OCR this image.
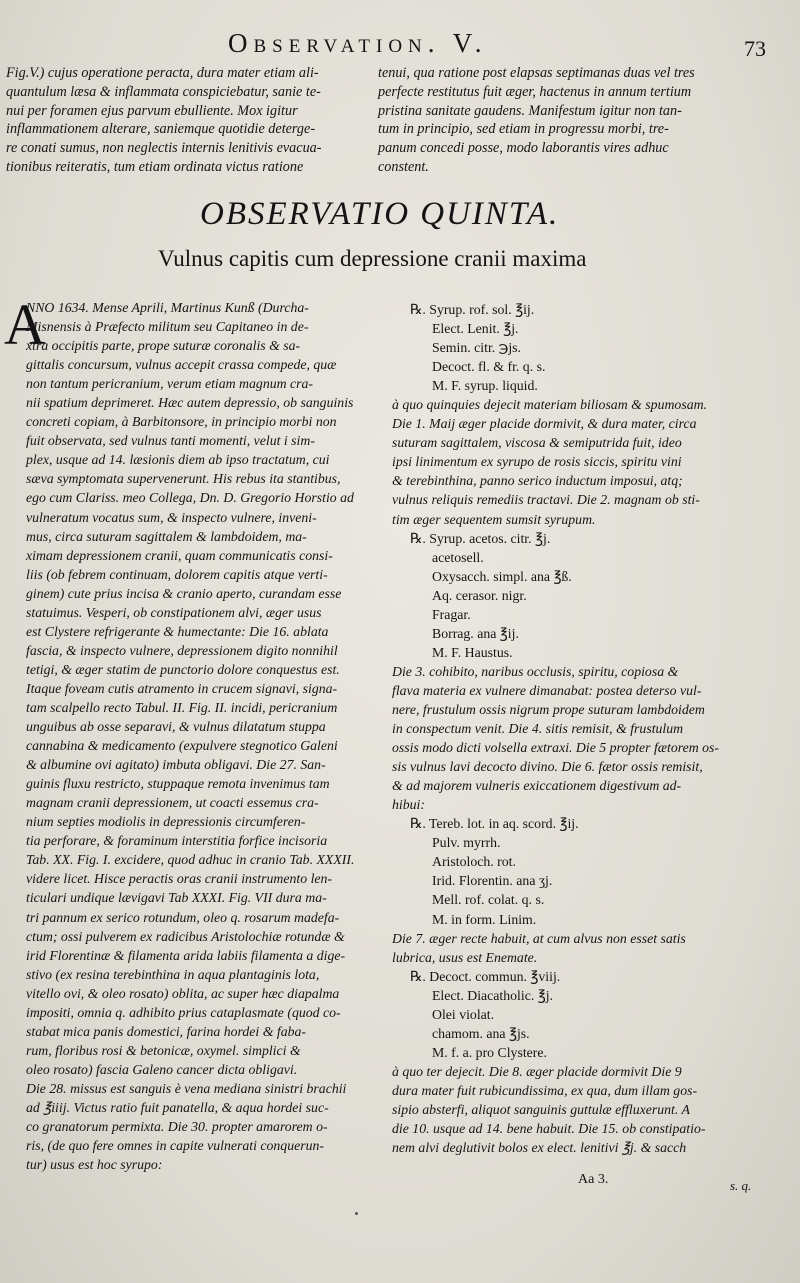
Observation. V.	73
Fig.V.) cujus operatione peracta, dura mater etiam ali-
quantulum læsa & inflammata conspiciebatur, sanie te-
nui per foramen ejus parvum ebulliente. Mox igitur
inflammationem alterare, saniemque quotidie deterge-
re conati sumus, non neglectis internis lenitivis evacua-
tionibus reiteratis, tum etiam ordinata victus ratione
tenui, qua ratione post elapsas septimanas duas vel tres
perfecte restitutus fuit æger, hactenus in annum tertium
pristina sanitate gaudens. Manifestum igitur non tan-
tum in principio, sed etiam in progressu morbi, tre-
panum concedi posse, modo laborantis vires adhuc
constent.
OBSERVATIO QUINTA.
Vulnus capitis cum depressione cranii maxima
A
NNO 1634. Mense Aprili, Martinus Kunß (Durcha-
Misnensis à Præfecto militum seu Capitaneo in de-
xtra occipitis parte, prope suturæ coronalis & sa-
gittalis concursum, vulnus accepit crassa compede, quæ
non tantum pericranium, verum etiam magnum cra-
nii spatium deprimeret. Hæc autem depressio, ob sanguinis
concreti copiam, à Barbitonsore, in principio morbi non
fuit observata, sed vulnus tanti momenti, velut i sim-
plex, usque ad 14. læsionis diem ab ipso tractatum, cui
sæva symptomata supervenerunt. His rebus ita stantibus,
ego cum Clariss. meo Collega, Dn. D. Gregorio Horstio ad
vulneratum vocatus sum, & inspecto vulnere, inveni-
mus, circa suturam sagittalem & lambdoidem, ma-
ximam depressionem cranii, quam communicatis consi-
liis (ob febrem continuam, dolorem capitis atque verti-
ginem) cute prius incisa & cranio aperto, curandam esse
statuimus. Vesperi, ob constipationem alvi, æger usus
est Clystere refrigerante & humectante: Die 16. ablata
fascia, & inspecto vulnere, depressionem digito nonnihil
tetigi, & æger statim de punctorio dolore conquestus est.
Itaque foveam cutis atramento in crucem signavi, signa-
tam scalpello recto Tabul. II. Fig. II. incidi, pericranium
unguibus ab osse separavi, & vulnus dilatatum stuppa
cannabina & medicamento (expulvere stegnotico Galeni
& albumine ovi agitato) imbuta obligavi. Die 27. San-
guinis fluxu restricto, stuppaque remota invenimus tam
magnam cranii depressionem, ut coacti essemus cra-
nium septies modiolis in depressionis circumferen-
tia perforare, & foraminum interstitia forfice incisoria
Tab. XX. Fig. I. excidere, quod adhuc in cranio Tab. XXXII.
videre licet. Hisce peractis oras cranii instrumento len-
ticulari undique lævigavi Tab XXXI. Fig. VII dura ma-
tri pannum ex serico rotundum, oleo q. rosarum madefa-
ctum; ossi pulverem ex radicibus Aristolochiæ rotundæ &
irid Florentinæ & filamenta arida labiis filamenta a dige-
stivo (ex resina terebinthina in aqua plantaginis lota,
vitello ovi, & oleo rosato) oblita, ac super hæc diapalma
impositi, omnia q. adhibito prius cataplasmate (quod co-
stabat mica panis domestici, farina hordei & faba-
rum, floribus rosi & betonicæ, oxymel. simplici &
oleo rosato) fascia Galeno cancer dicta obligavi.
Die 28. missus est sanguis è vena mediana sinistri brachii
ad ℥iiij. Victus ratio fuit panatella, & aqua hordei suc-
co granatorum permixta. Die 30. propter amarorem o-
ris, (de quo fere omnes in capite vulnerati conquerun-
tur) usus est hoc syrupo:
℞. Syrup. rof. sol. ℥ij.
Elect. Lenit. ℥j.
Semin. citr. ℈js.
Decoct. fl. & fr. q. s.
M. F. syrup. liquid.
à quo quinquies dejecit materiam biliosam & spumosam.
Die 1. Maij æger placide dormivit, & dura mater, circa
suturam sagittalem, viscosa & semiputrida fuit, ideo
ipsi linimentum ex syrupo de rosis siccis, spiritu vini
& terebinthina, panno serico inductum imposui, atq;
vulnus reliquis remediis tractavi. Die 2. magnam ob sti-
tim æger sequentem sumsit syrupum.
℞. Syrup. acetos. citr. ℥j.
acetosell.
Oxysacch. simpl. ana ℥ß.
Aq. cerasor. nigr.
Fragar.
Borrag. ana ℥ij.
M. F. Haustus.
Die 3. cohibito, naribus occlusis, spiritu, copiosa &
flava materia ex vulnere dimanabat: postea deterso vul-
nere, frustulum ossis nigrum prope suturam lambdoidem
in conspectum venit. Die 4. sitis remisit, & frustulum
ossis modo dicti volsella extraxi. Die 5 propter fætorem os-
sis vulnus lavi decocto divino. Die 6. fætor ossis remisit,
& ad majorem vulneris exiccationem digestivum ad-
hibui:
℞. Tereb. lot. in aq. scord. ℥ij.
Pulv. myrrh.
Aristoloch. rot.
Irid. Florentin. ana ʒj.
Mell. rof. colat. q. s.
M. in form. Linim.
Die 7. æger recte habuit, at cum alvus non esset satis
lubrica, usus est Enemate.
℞. Decoct. commun. ℥viij.
Elect. Diacatholic. ℥j.
Olei violat.
chamom. ana ℥js.
M. f. a. pro Clystere.
à quo ter dejecit. Die 8. æger placide dormivit Die 9
dura mater fuit rubicundissima, ex qua, dum illam gos-
sipio absterfi, aliquot sanguinis guttulæ effluxerunt. A
die 10. usque ad 14. bene habuit. Die 15. ob constipatio-
nem alvi deglutivit bolos ex elect. lenitivi ℥j. & sacch
Aa 3.	s. q.
